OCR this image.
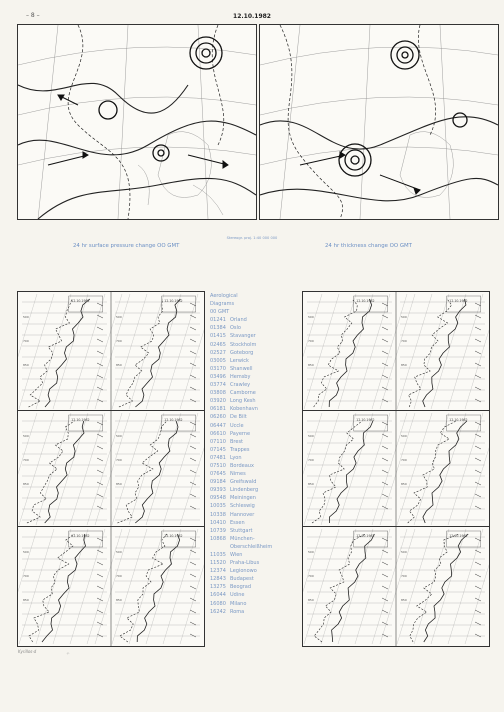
– 8 –	12.10.1982
Stereogr. proj. 1:40 000 000
24 hr surface pressure change OO GMT	24 hr thickness change OO GMT
12.10.1982
500
700
850
12.10.1982
500
700
850
12.10.1982
500
700
850
12.10.1982
500
700
850
12.10.1982
500
700
850
12.10.1982
500
700
850
12.10.1982
500
700
850
12.10.1982
500
700
850
12.10.1982
500
700
850
12.10.1982
500
700
850
12.10.1982
500
700
850
12.10.1982
500
700
850
Aerological
Diagrams
00 GMT
01241 Orland
01384 Oslo
01415 Stavanger
02465 Stockholm
02527 Goteborg
03005 Lerwick
03170 Shanwell
03496 Hemsby
03774 Crawley
03808 Camborne
03920 Long Kesh
06181 Kobenhavn
06260 De Bilt
06447 Uccle
06610 Payerne
07110 Brest
07145 Trappes
07481 Lyon
07510 Bordeaux
07645 Nimes
09184 Greifswald
09393 Lindenberg
09548 Meiningen
10035 Schleswig
10338 Hannover
10410 Essen
10739 Stuttgart
10868 München-
Oberschleißheim
11035 Wien
11520 Praha-Libus
12374 Legionowo
12843 Budapest
13275 Beograd
16044 Udine
16080 Milano
16242 Roma
Kyrillos·d	·γ·
